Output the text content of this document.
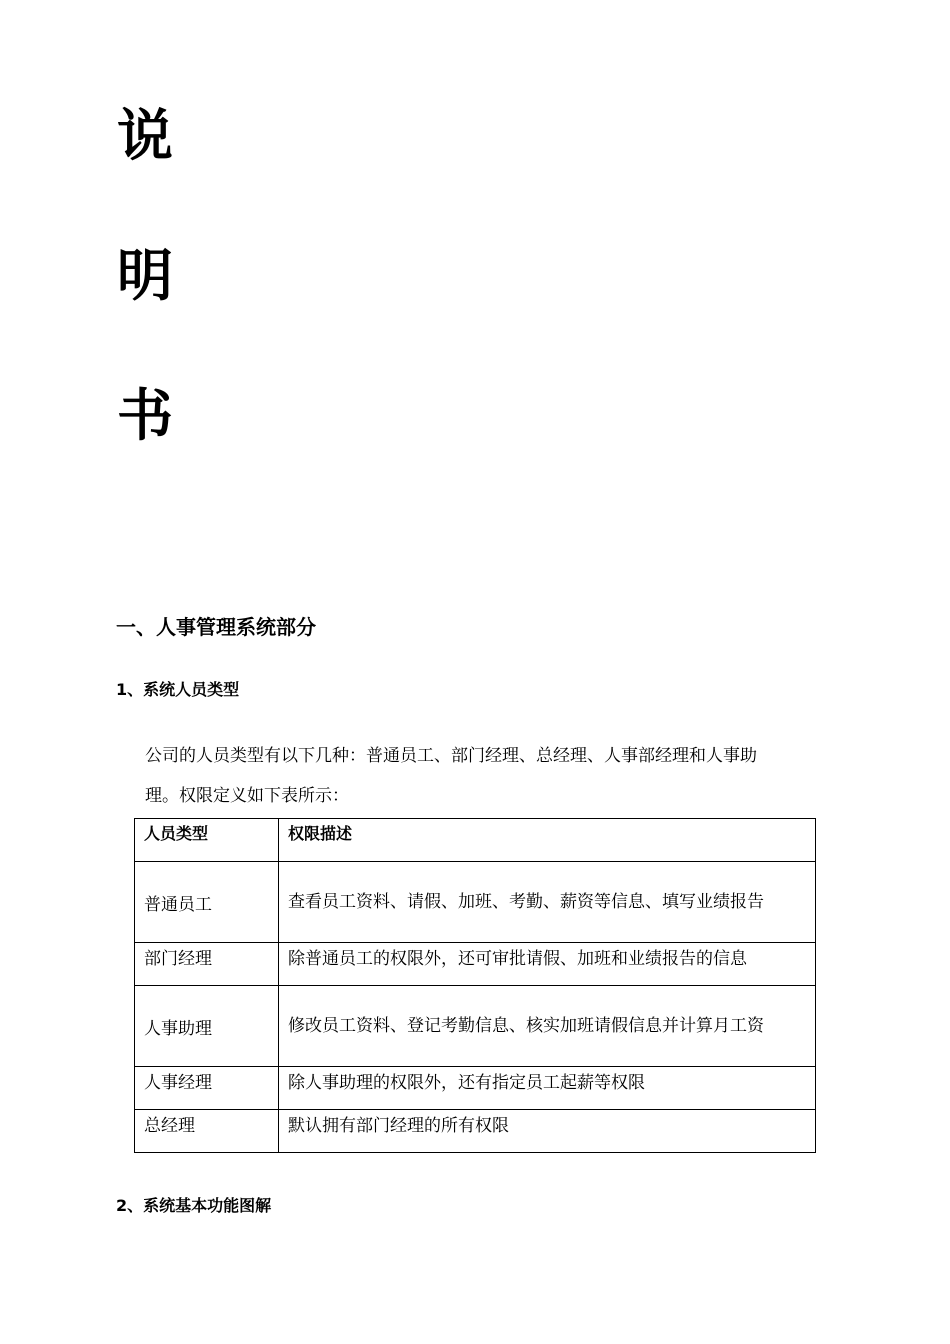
说
明
书
一、人事管理系统部分
1、系统人员类型
公司的人员类型有以下几种：普通员工、部门经理、总经理、人事部经理和人事助
理。权限定义如下表所示：
人员类型	权限描述
普通员工	查看员工资料、请假、加班、考勤、薪资等信息、填写业绩报告
部门经理	除普通员工的权限外，还可审批请假、加班和业绩报告的信息
人事助理	修改员工资料、登记考勤信息、核实加班请假信息并计算月工资
人事经理	除人事助理的权限外，还有指定员工起薪等权限
总经理	默认拥有部门经理的所有权限
2、系统基本功能图解
